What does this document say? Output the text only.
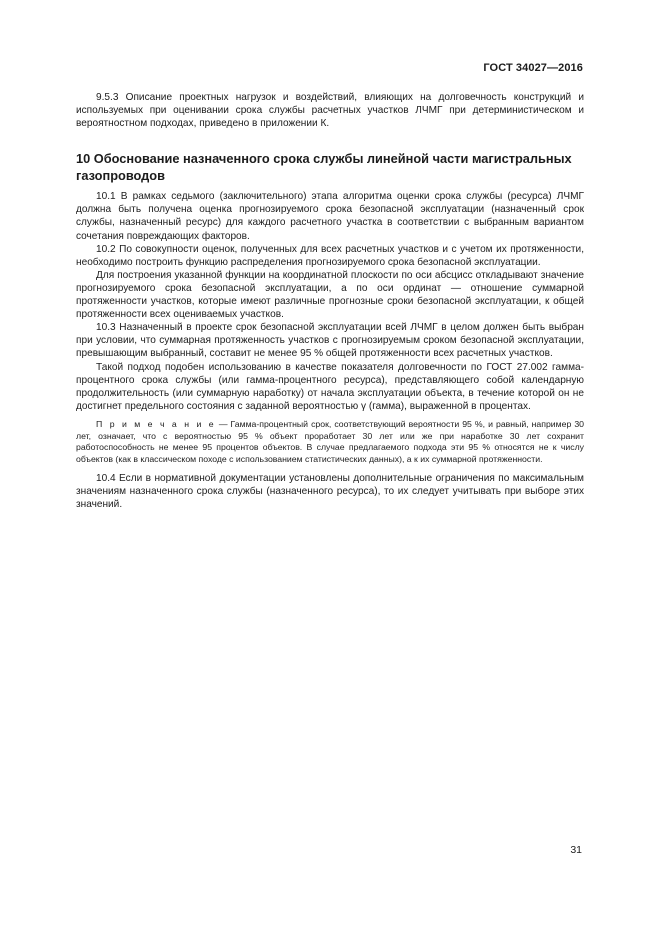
ГОСТ 34027—2016

9.5.3 Описание проектных нагрузок и воздействий, влияющих на долговечность конструкций и используемых при оценивании срока службы расчетных участков ЛЧМГ при детерминистическом и вероятностном подходах, приведено в приложении К.

10 Обоснование назначенного срока службы линейной части магистральных газопроводов

10.1 В рамках седьмого (заключительного) этапа алгоритма оценки срока службы (ресурса) ЛЧМГ должна быть получена оценка прогнозируемого срока безопасной эксплуатации (назначенный срок службы, назначенный ресурс) для каждого расчетного участка в соответствии с выбранным вариантом сочетания повреждающих факторов.

10.2 По совокупности оценок, полученных для всех расчетных участков и с учетом их протяженности, необходимо построить функцию распределения прогнозируемого срока безопасной эксплуатации.

Для построения указанной функции на координатной плоскости по оси абсцисс откладывают значение прогнозируемого срока безопасной эксплуатации, а по оси ординат — отношение суммарной протяженности участков, которые имеют различные прогнозные сроки безопасной эксплуатации, к общей протяженности всех оцениваемых участков.

10.3 Назначенный в проекте срок безопасной эксплуатации всей ЛЧМГ в целом должен быть выбран при условии, что суммарная протяженность участков с прогнозируемым сроком безопасной эксплуатации, превышающим выбранный, составит не менее 95 % общей протяженности всех расчетных участков.

Такой подход подобен использованию в качестве показателя долговечности по ГОСТ 27.002 гамма-процентного срока службы (или гамма-процентного ресурса), представляющего собой календарную продолжительность (или суммарную наработку) от начала эксплуатации объекта, в течение которой он не достигнет предельного состояния с заданной вероятностью γ (гамма), выраженной в процентах.

П р и м е ч а н и е — Гамма-процентный срок, соответствующий вероятности 95 %, и равный, например 30 лет, означает, что с вероятностью 95 % объект проработает 30 лет или же при наработке 30 лет сохранит работоспособность не менее 95 процентов объектов. В случае предлагаемого подхода эти 95 % относятся не к числу объектов (как в классическом походе с использованием статистических данных), а к их суммарной протяженности.

10.4 Если в нормативной документации установлены дополнительные ограничения по максимальным значениям назначенного срока службы (назначенного ресурса), то их следует учитывать при выборе этих значений.

31
